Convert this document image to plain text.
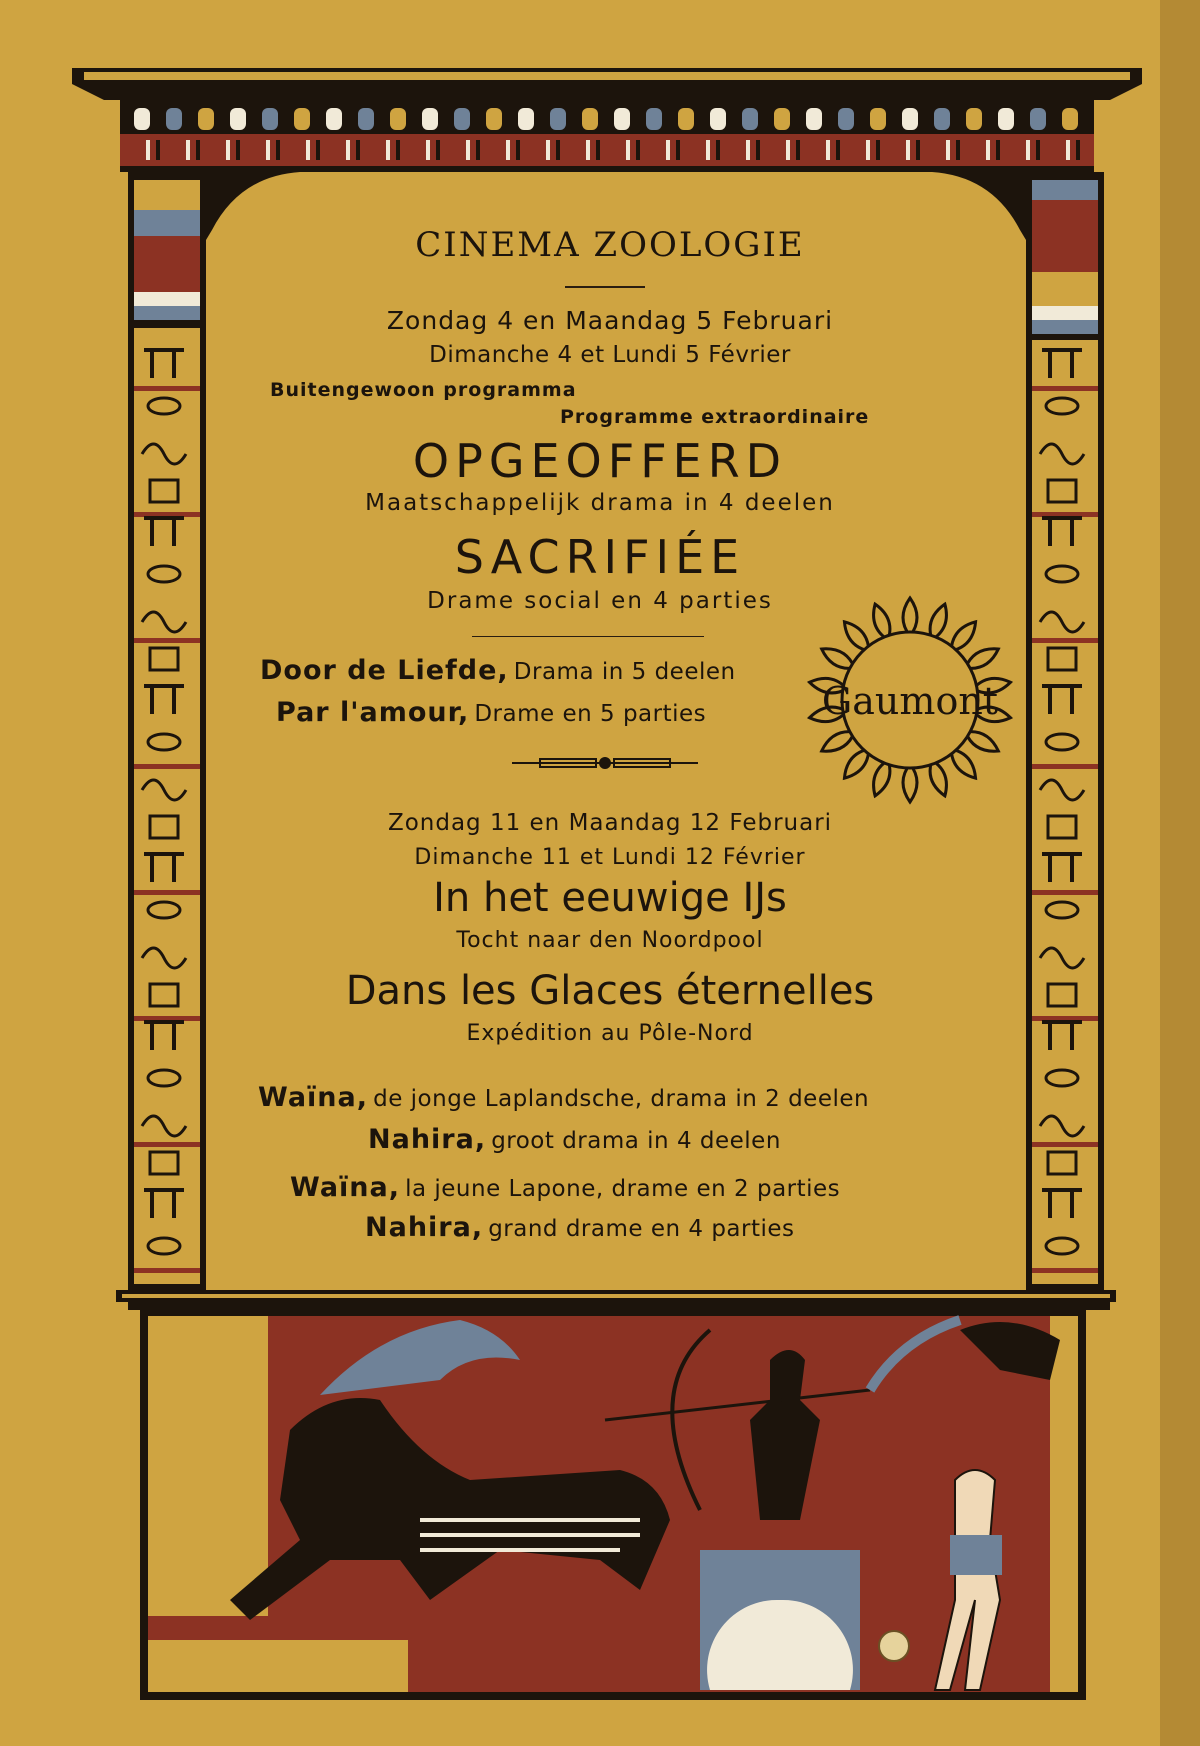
CINEMA ZOOLOGIE
Zondag 4 en Maandag 5 Februari
Dimanche 4 et Lundi 5 Février
Buitengewoon programma
Programme extraordinaire
OPGEOFFERD
Maatschappelijk drama in 4 deelen
SACRIFIÉE
Drame social en 4 parties
Door de Liefde, Drama in 5 deelen
Par l'amour, Drame en 5 parties
Zondag 11 en Maandag 12 Februari
Dimanche 11 et Lundi 12 Février
In het eeuwige IJs
Tocht naar den Noordpool
Dans les Glaces éternelles
Expédition au Pôle-Nord
Waïna, de jonge Laplandsche, drama in 2 deelen
Nahira, groot drama in 4 deelen
Waïna, la jeune Lapone, drame en 2 parties
Nahira, grand drame en 4 parties
Gaumont
